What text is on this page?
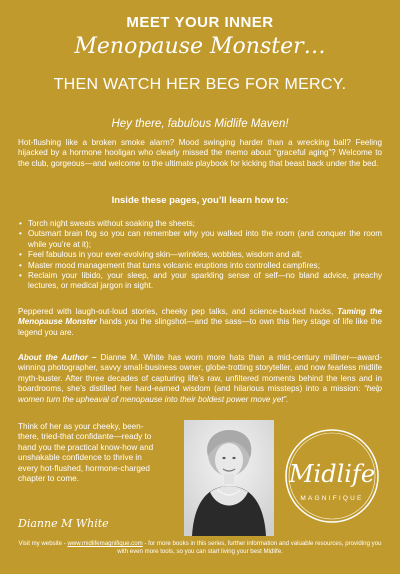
MEET YOUR INNER
Menopause Monster…
THEN WATCH HER BEG FOR MERCY.
Hey there, fabulous Midlife Maven!

Hot-flushing like a broken smoke alarm? Mood swinging harder than a wrecking ball? Feeling hijacked by a hormone hooligan who clearly missed the memo about “graceful aging”? Welcome to the club, gorgeous—and welcome to the ultimate playbook for kicking that beast back under the bed.

Inside these pages, you’ll learn how to:
• Torch night sweats without soaking the sheets;
• Outsmart brain fog so you can remember why you walked into the room (and conquer the room while you’re at it);
• Feel fabulous in your ever-evolving skin—wrinkles, wobbles, wisdom and all;
• Master mood management that turns volcanic eruptions into controlled campfires;
• Reclaim your libido, your sleep, and your sparkling sense of self—no bland advice, preachy lectures, or medical jargon in sight.

Peppered with laugh-out-loud stories, cheeky pep talks, and science-backed hacks, Taming the Menopause Monster hands you the slingshot—and the sass—to own this fiery stage of life like the legend you are.

About the Author – Dianne M. White has worn more hats than a mid-century milliner—award-winning photographer, savvy small-business owner, globe-trotting storyteller, and now fearless midlife myth-buster. After three decades of capturing life’s raw, unfiltered moments behind the lens and in boardrooms, she’s distilled her hard-earned wisdom (and hilarious missteps) into a mission: “help women turn the upheaval of menopause into their boldest power move yet”.

Think of her as your cheeky, been-there, tried-that confidante—ready to hand you the practical know-how and unshakable confidence to thrive in every hot-flushed, hormone-charged chapter to come.

Dianne M White
Midlife
MAGNIFIQUE

Visit my website - www.midlifemagnifique.com - for more books in this series, further information and valuable resources, providing you with even more tools, so you can start living your best Midlife.
